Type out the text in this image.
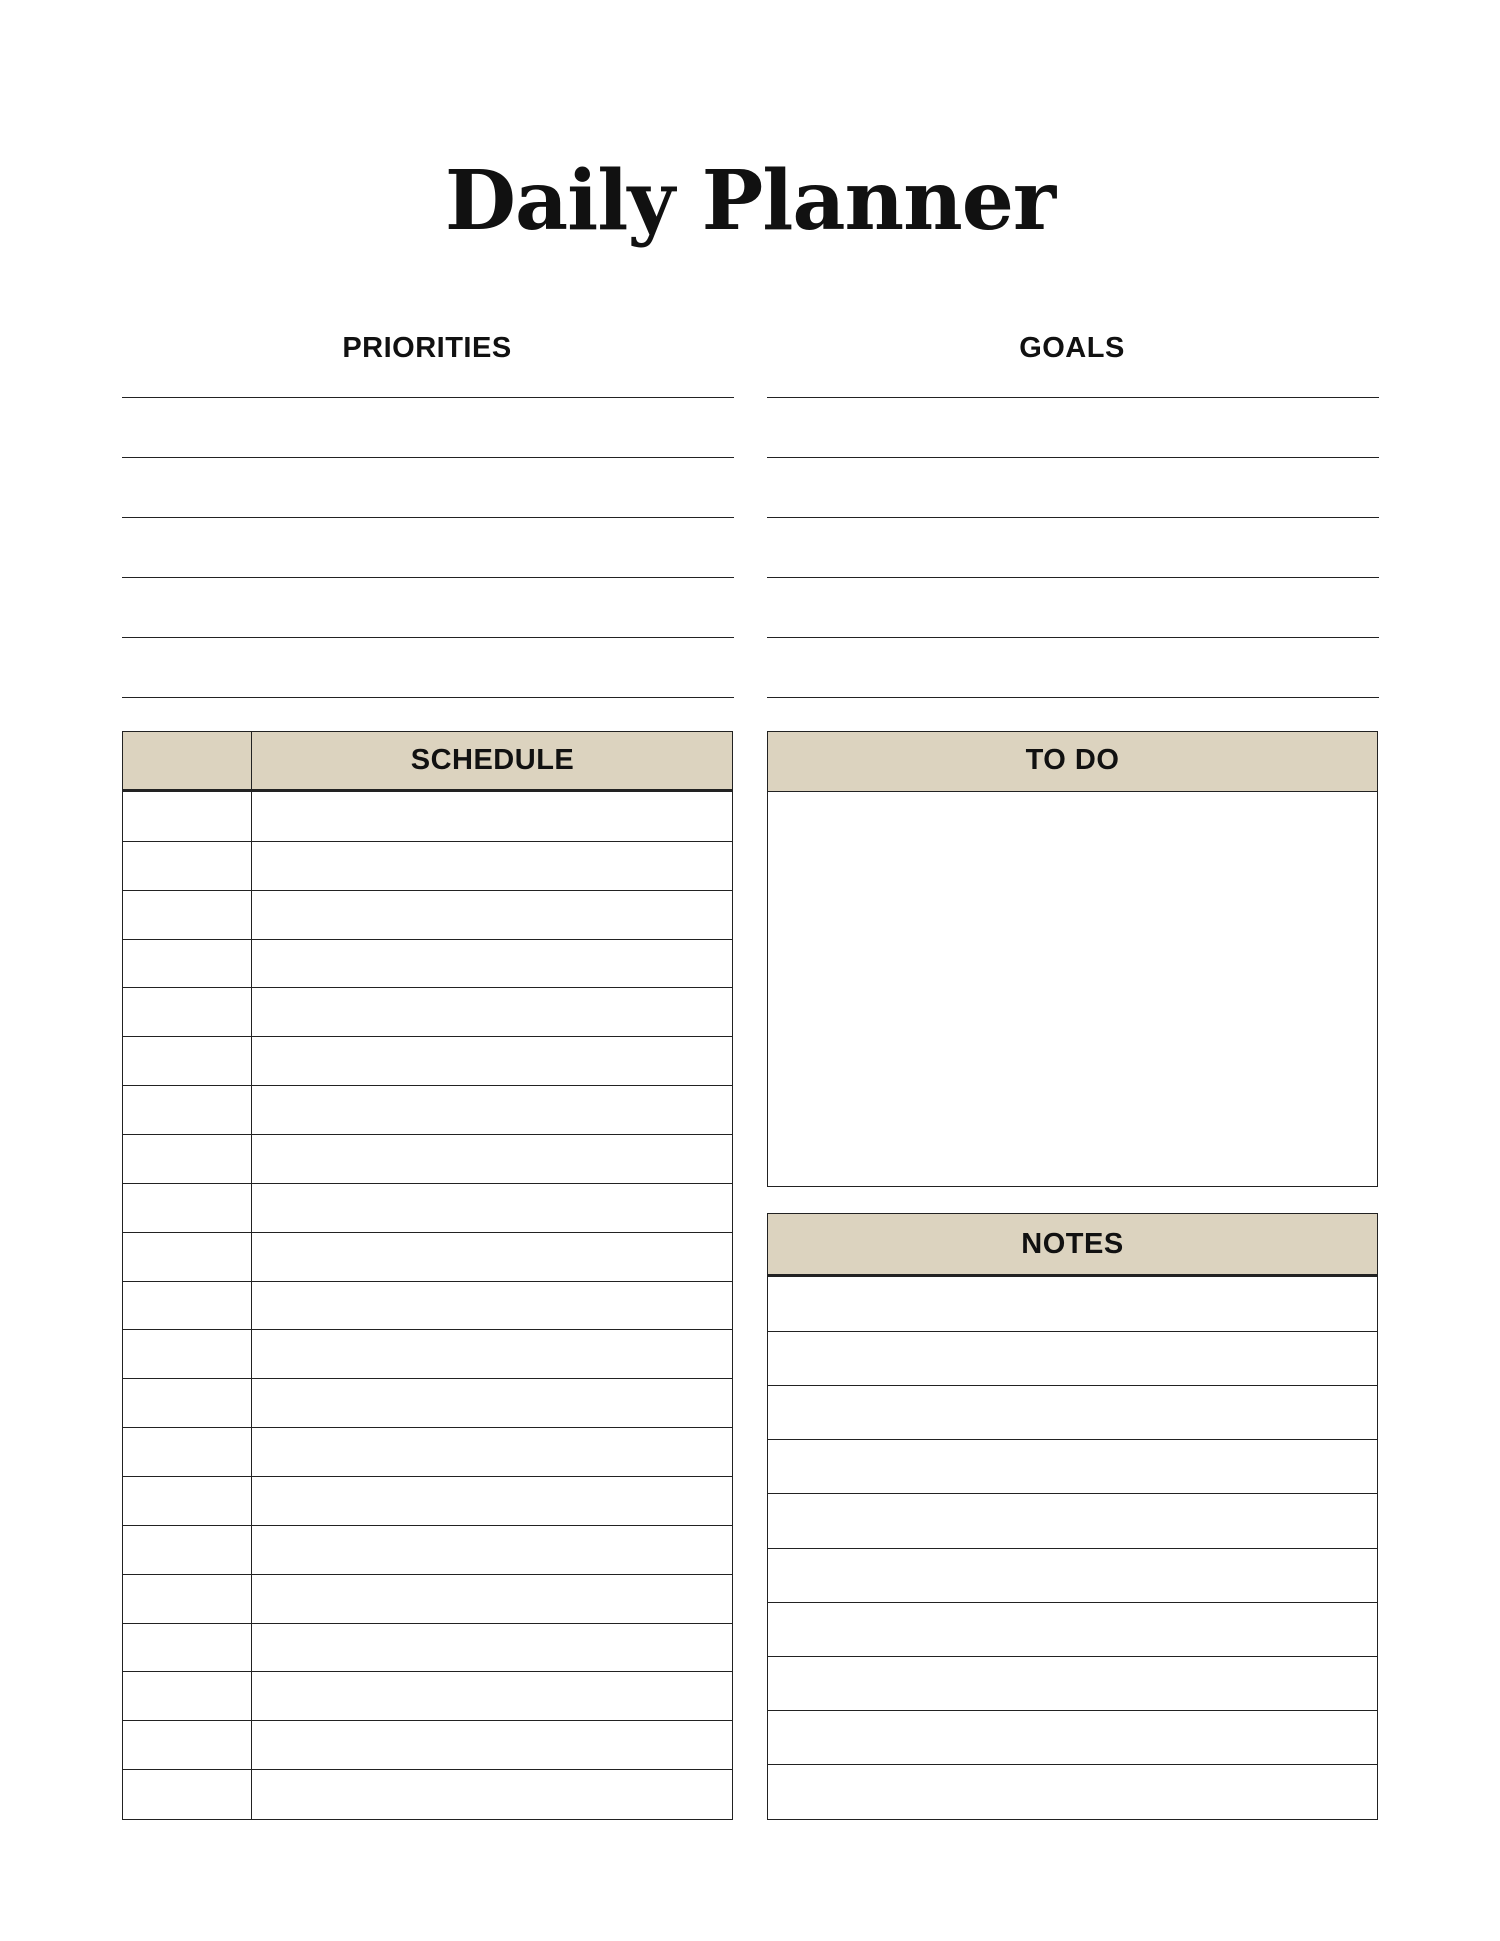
Daily Planner
PRIORITIES	GOALS
SCHEDULE	TO DO
NOTES
